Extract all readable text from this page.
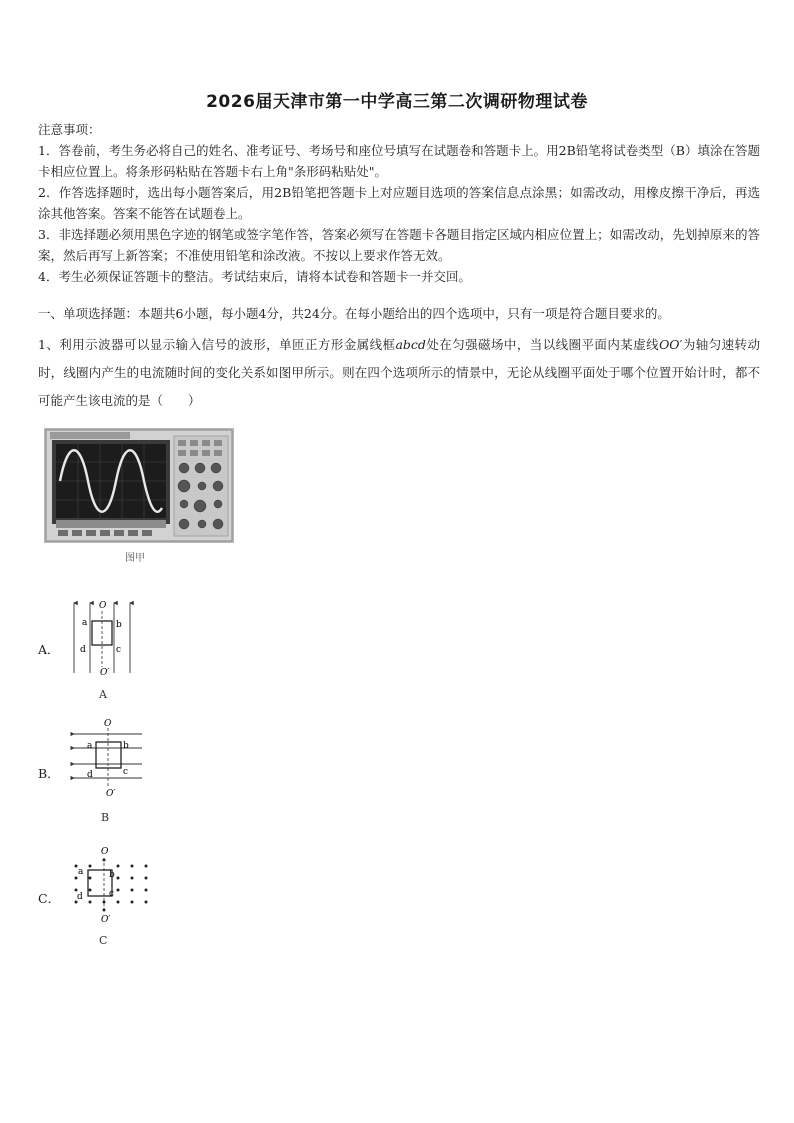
2026届天津市第一中学高三第二次调研物理试卷
注意事项：

1．答卷前，考生务必将自己的姓名、准考证号、考场号和座位号填写在试题卷和答题卡上。用2B铅笔将试卷类型（B）填涂在答题卡相应位置上。将条形码粘贴在答题卡右上角"条形码粘贴处"。

2．作答选择题时，选出每小题答案后，用2B铅笔把答题卡上对应题目选项的答案信息点涂黑；如需改动，用橡皮擦干净后，再选涂其他答案。答案不能答在试题卷上。

3．非选择题必须用黑色字迹的钢笔或签字笔作答，答案必须写在答题卡各题目指定区域内相应位置上；如需改动，先划掉原来的答案，然后再写上新答案；不准使用铅笔和涂改液。不按以上要求作答无效。

4．考生必须保证答题卡的整洁。考试结束后，请将本试卷和答题卡一并交回。

一、单项选择题：本题共6小题，每小题4分，共24分。在每小题给出的四个选项中，只有一项是符合题目要求的。
1、利用示波器可以显示输入信号的波形，单匝正方形金属线框abcd处在匀强磁场中，当以线圈平面内某虚线OO′为轴匀速转动时，线圈内产生的电流随时间的变化关系如图甲所示。则在四个选项所示的情景中，无论从线圈平面处于哪个位置开始计时，都不可能产生该电流的是（　　）
图甲
A．
O
O′
a	b
c
d
A
B．
O
O′
a	b
c
d
B
C．
O
O′
a	b
c
d
C
